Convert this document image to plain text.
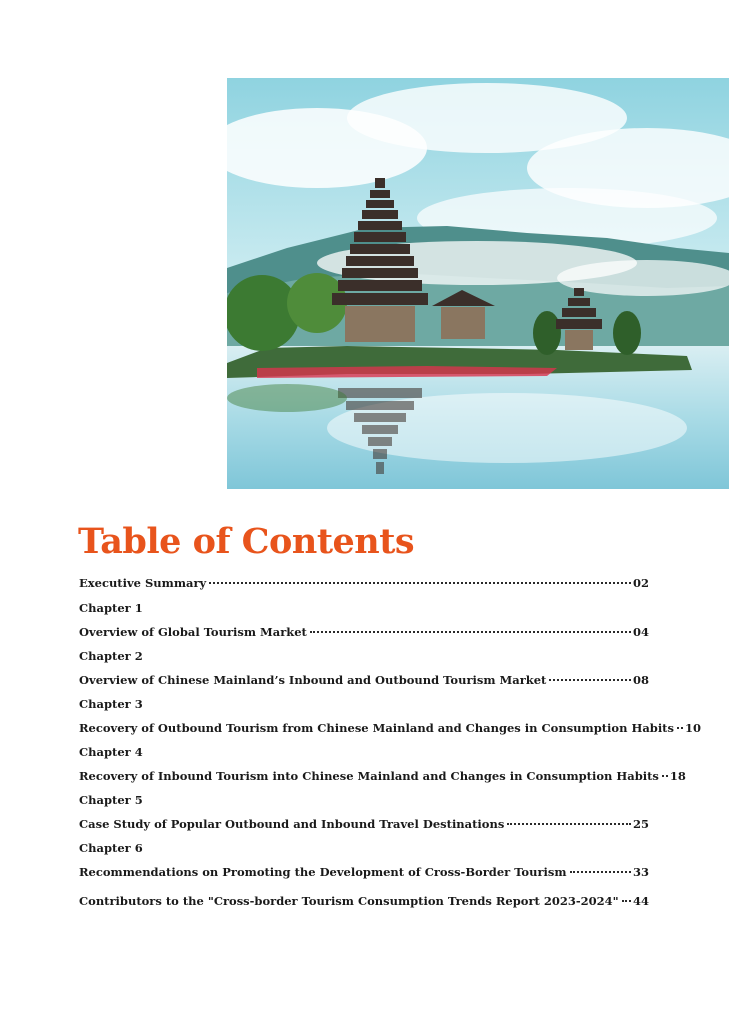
Table of Contents
Executive Summary	02
Chapter 1
Overview of Global Tourism Market	04
Chapter 2
Overview of Chinese Mainland’s Inbound and Outbound Tourism Market	08
Chapter 3
Recovery of Outbound Tourism from Chinese Mainland and Changes in Consumption Habits 10
Chapter 4
Recovery of Inbound Tourism into Chinese Mainland and Changes in Consumption Habits 18
Chapter 5
Case Study of Popular Outbound and Inbound Travel Destinations	25
Chapter 6
Recommendations on Promoting the Development of Cross-Border Tourism	33
Contributors to the "Cross-border Tourism Consumption Trends Report 2023-2024" 44
